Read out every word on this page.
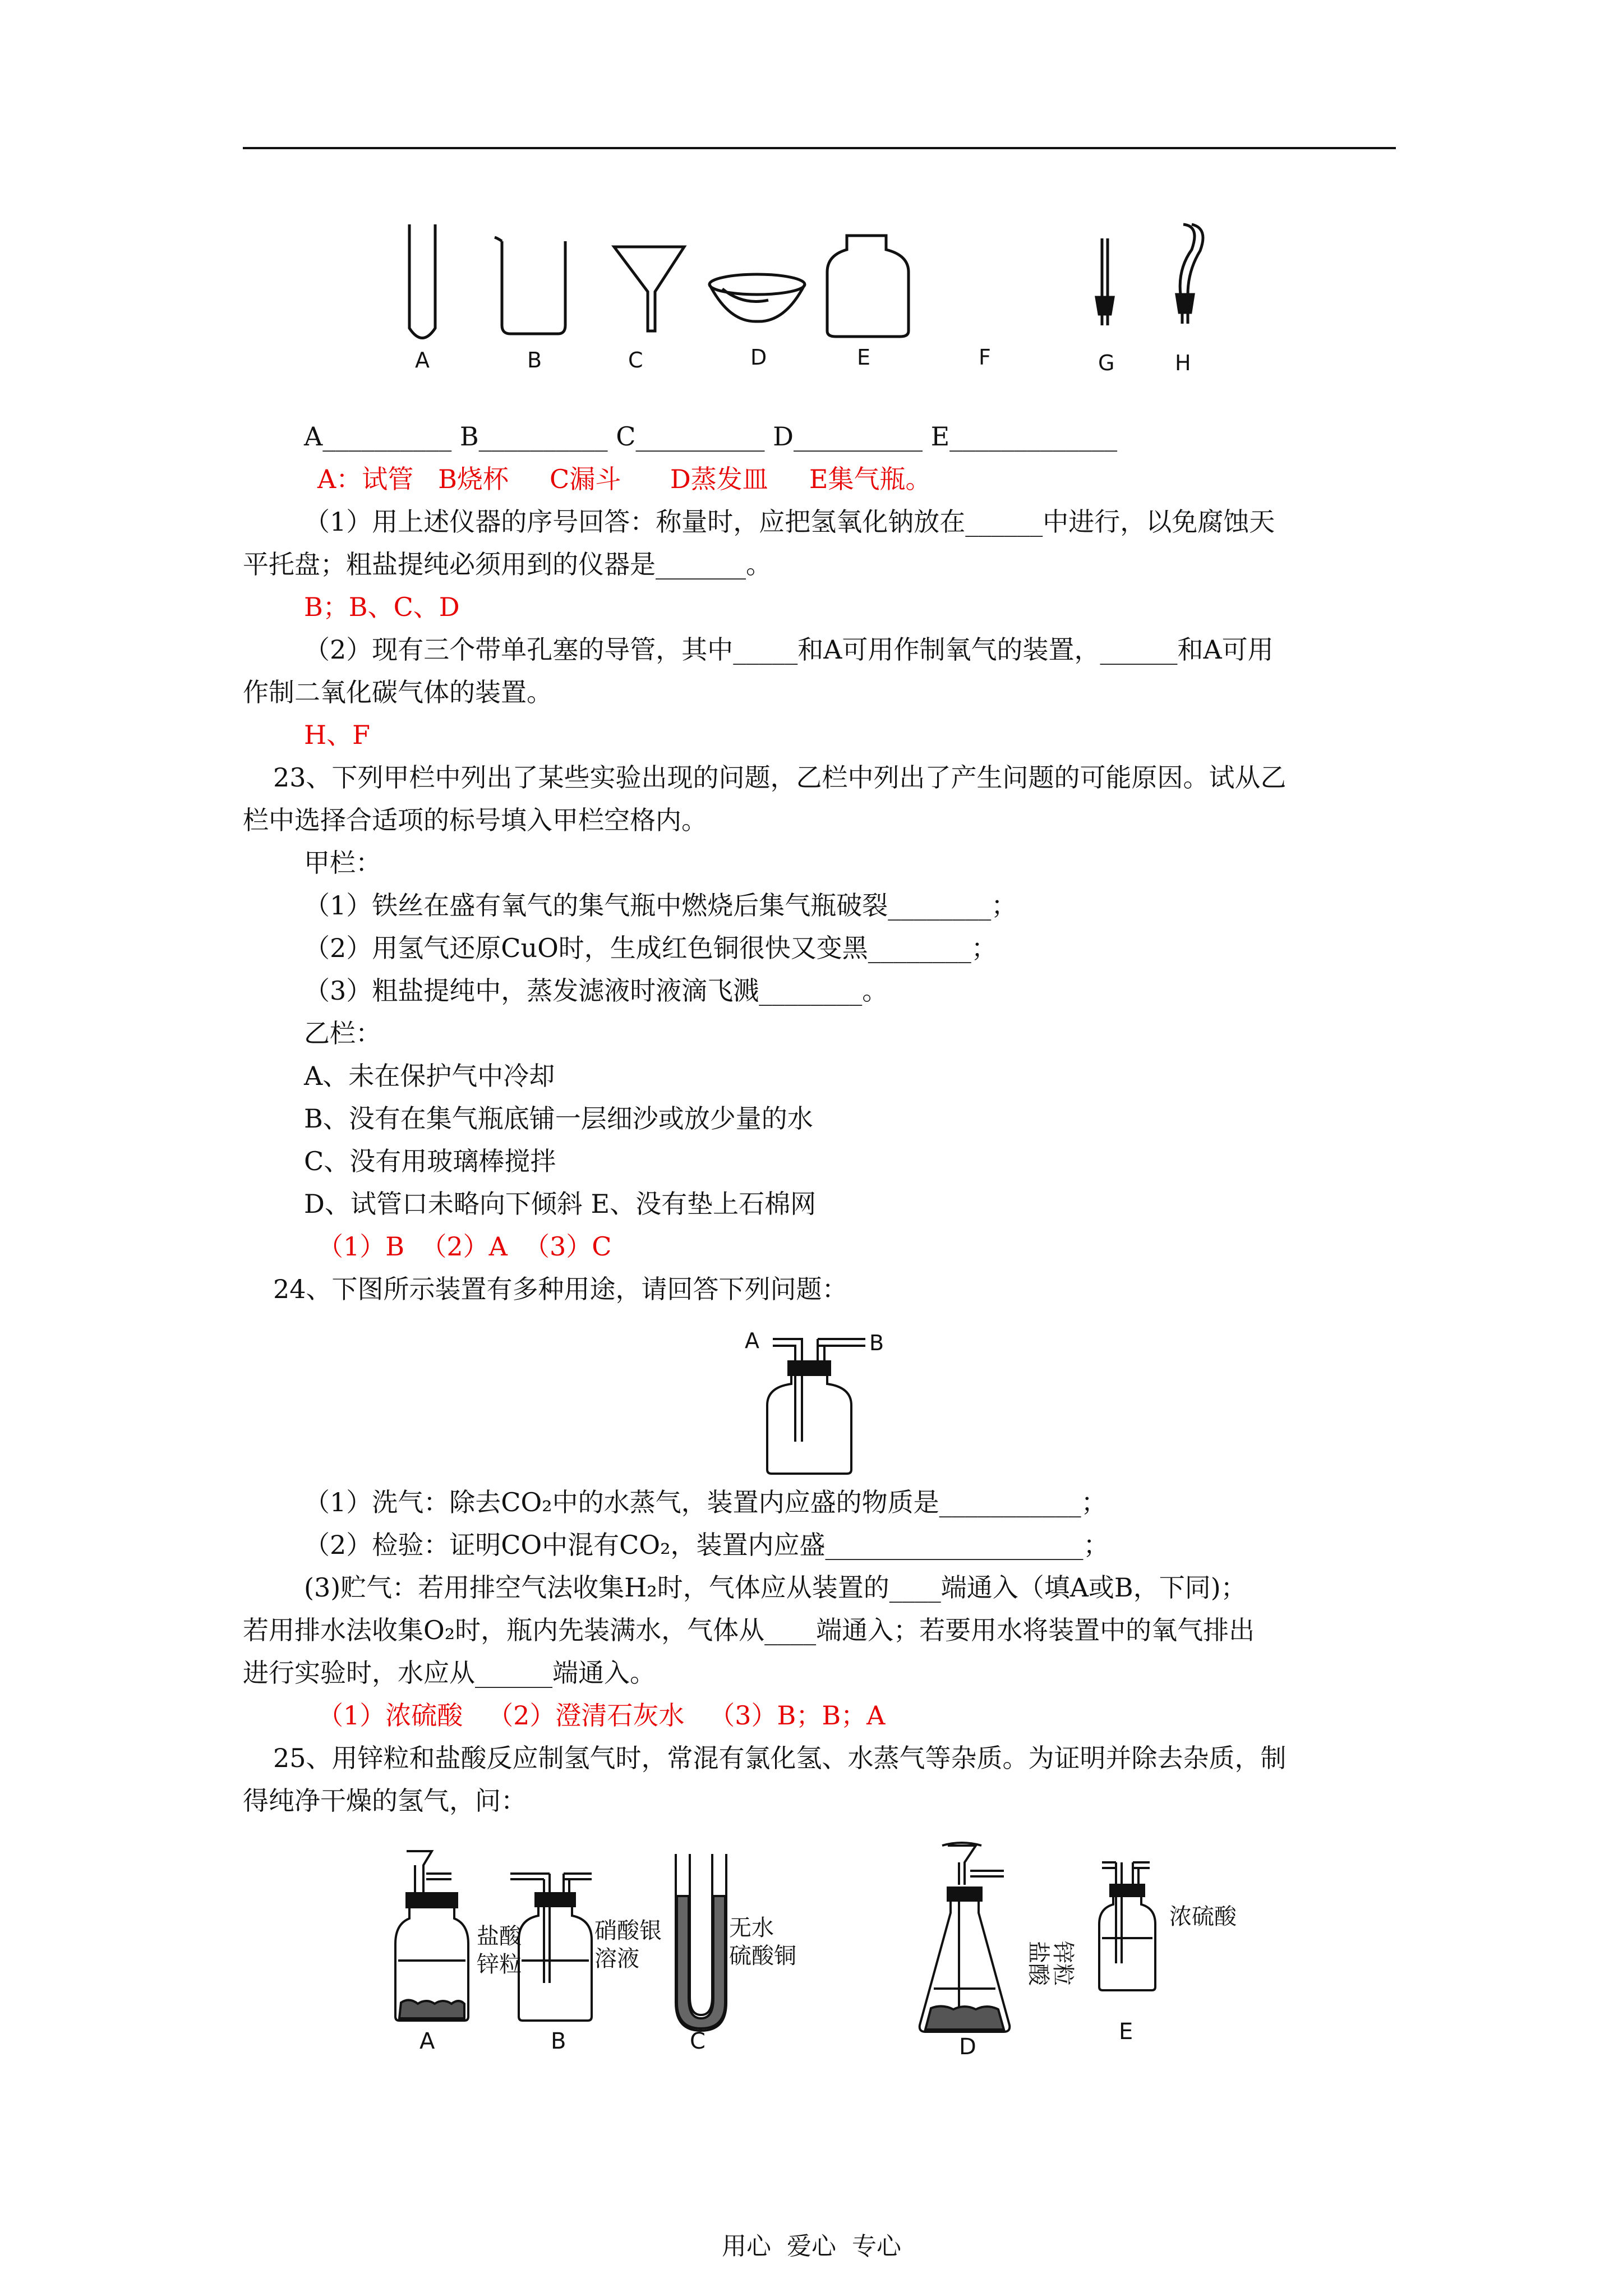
A	B	C	D	E	F	G	H
A__________ B__________ C__________ D__________ E_____________
A：试管   B烧杯     C漏斗      D蒸发皿     E集气瓶。
（1）用上述仪器的序号回答：称量时，应把氢氧化钠放在______中进行，以免腐蚀天
平托盘；粗盐提纯必须用到的仪器是_______。
B；B、C、D
（2）现有三个带单孔塞的导管，其中_____和A可用作制氧气的装置，______和A可用
作制二氧化碳气体的装置。
H、F
23、下列甲栏中列出了某些实验出现的问题，乙栏中列出了产生问题的可能原因。试从乙
栏中选择合适项的标号填入甲栏空格内。
甲栏：
（1）铁丝在盛有氧气的集气瓶中燃烧后集气瓶破裂________；
（2）用氢气还原CuO时，生成红色铜很快又变黑________；
（3）粗盐提纯中，蒸发滤液时液滴飞溅________。
乙栏：
A、未在保护气中冷却
B、没有在集气瓶底铺一层细沙或放少量的水
C、没有用玻璃棒搅拌
D、试管口未略向下倾斜 E、没有垫上石棉网
（1）B  （2）A  （3）C
24、下图所示装置有多种用途，请回答下列问题：
A	B
（1）洗气：除去CO₂中的水蒸气，装置内应盛的物质是___________；
（2）检验：证明CO中混有CO₂，装置内应盛____________________；
(3)贮气：若用排空气法收集H₂时，气体应从装置的____端通入（填A或B，下同)；
若用排水法收集O₂时，瓶内先装满水，气体从____端通入；若要用水将装置中的氧气排出
进行实验时，水应从______端通入。
（1）浓硫酸   （2）澄清石灰水   （3）B；B；A
25、用锌粒和盐酸反应制氢气时，常混有氯化氢、水蒸气等杂质。为证明并除去杂质，制
得纯净干燥的氢气，问：
盐酸
锌粒
硝酸银
溶液
无水
硫酸铜	盐酸
锌粒
浓硫酸
A	B	C	D
E
用心  爱心  专心
